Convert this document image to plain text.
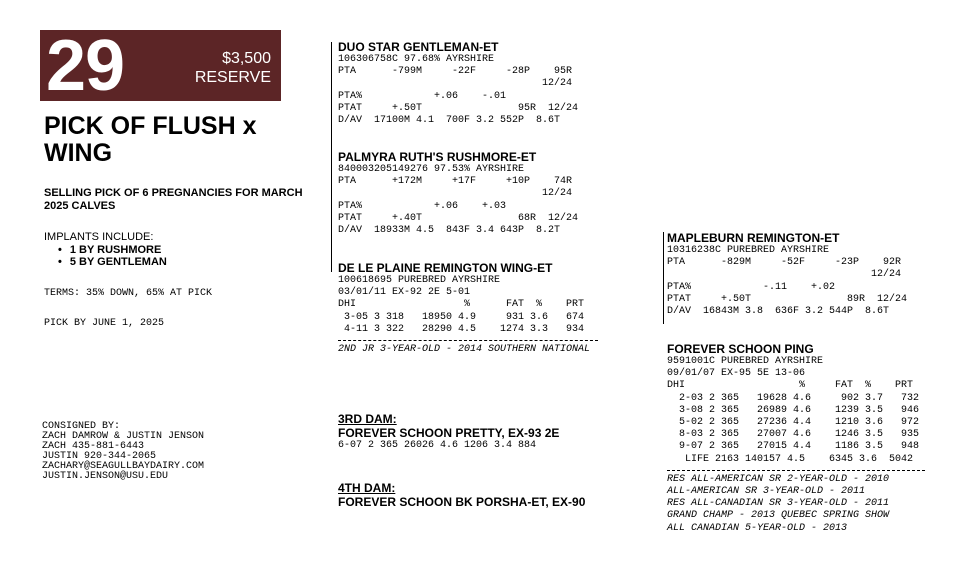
29	$3,500
RESERVE
PICK OF FLUSH x WING
SELLING PICK OF 6 PREGNANCIES FOR MARCH 2025 CALVES
IMPLANTS INCLUDE:
• 1 BY RUSHMORE
• 5 BY GENTLEMAN
TERMS: 35% DOWN, 65% AT PICK
PICK BY JUNE 1, 2025
CONSIGNED BY:
ZACH DAMROW & JUSTIN JENSON
ZACH 435-881-6443
JUSTIN 920-344-2065
ZACHARY@SEAGULLBAYDAIRY.COM
JUSTIN.JENSON@USU.EDU
DUO STAR GENTLEMAN-ET
106306758C 97.68% AYRSHIRE
PTA      -799M     -22F     -28P    95R
12/24
PTA%            +.06    -.01
PTAT     +.50T                95R  12/24
D/AV  17100M 4.1  700F 3.2 552P  8.6T
PALMYRA RUTH'S RUSHMORE-ET
840003205149276 97.53% AYRSHIRE
PTA      +172M     +17F     +10P    74R
12/24
PTA%            +.06    +.03
PTAT     +.40T                68R  12/24
D/AV  18933M 4.5  843F 3.4 643P  8.2T
DE LE PLAINE REMINGTON WING-ET
100618695 PUREBRED AYRSHIRE
03/01/11 EX-92 2E 5-01
DHI                  %      FAT  %    PRT
3-05 3 318   18950 4.9     931 3.6   674
4-11 3 322   28290 4.5    1274 3.3   934
2ND JR 3-YEAR-OLD - 2014 SOUTHERN NATIONAL
3RD DAM:
FOREVER SCHOON PRETTY, EX-93 2E
6-07 2 365 26026 4.6 1206 3.4 884
4TH DAM:
FOREVER SCHOON BK PORSHA-ET, EX-90
MAPLEBURN REMINGTON-ET
10316238C PUREBRED AYRSHIRE
PTA      -829M     -52F     -23P    92R
12/24
PTA%            -.11    +.02
PTAT     +.50T                89R  12/24
D/AV  16843M 3.8  636F 3.2 544P  8.6T
FOREVER SCHOON PING
9591001C PUREBRED AYRSHIRE
09/01/07 EX-95 5E 13-06
DHI                   %     FAT  %    PRT
2-03 2 365   19628 4.6     902 3.7   732
3-08 2 365   26989 4.6    1239 3.5   946
5-02 2 365   27236 4.4    1210 3.6   972
8-03 2 365   27007 4.6    1246 3.5   935
9-07 2 365   27015 4.4    1186 3.5   948
LIFE 2163 140157 4.5    6345 3.6  5042
RES ALL-AMERICAN SR 2-YEAR-OLD - 2010
ALL-AMERICAN SR 3-YEAR-OLD - 2011
RES ALL-CANADIAN SR 3-YEAR-OLD - 2011
GRAND CHAMP - 2013 QUEBEC SPRING SHOW
ALL CANADIAN 5-YEAR-OLD - 2013
